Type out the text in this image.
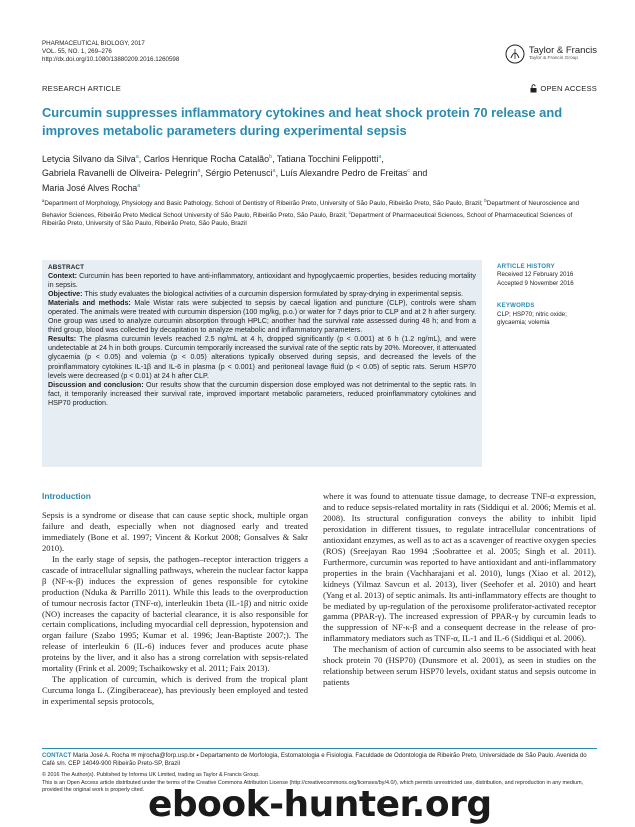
PHARMACEUTICAL BIOLOGY, 2017
VOL. 55, NO. 1, 269–276
http://dx.doi.org/10.1080/13880209.2016.1260598
Taylor & Francis
Taylor & Francis Group
RESEARCH ARTICLE	OPEN ACCESS
Curcumin suppresses inflammatory cytokines and heat shock protein 70 release and improves metabolic parameters during experimental sepsis
Letycia Silvano da Silva$^a$, Carlos Henrique Rocha Catalão$^b$, Tatiana Tocchini Felippotti$^a$,
Gabriela Ravanelli de Oliveira- Pelegrin$^a$, Sérgio Petenusci$^a$, Luís Alexandre Pedro de Freitas$^c$ and
Maria José Alves Rocha$^a$
$^a$Department of Morphology, Physiology and Basic Pathology, School of Dentistry of Ribeirão Preto, University of São Paulo, Ribeirão Preto, São Paulo, Brazil; $^b$Department of Neuroscience and Behavior Sciences, Ribeirão Preto Medical School University of São Paulo, Ribeirão Preto, São Paulo, Brazil; $^c$Department of Pharmaceutical Sciences, School of Pharmaceutical Sciences of Ribeirão Preto, University of São Paulo, Ribeirão Preto, São Paulo, Brazil
ABSTRACT

Context: Curcumin has been reported to have anti-inflammatory, antioxidant and hypoglycaemic properties, besides reducing mortality in sepsis.

Objective: This study evaluates the biological activities of a curcumin dispersion formulated by spray-drying in experimental sepsis.

Materials and methods: Male Wistar rats were subjected to sepsis by caecal ligation and puncture (CLP), controls were sham operated. The animals were treated with curcumin dispersion (100 mg/kg, p.o.) or water for 7 days prior to CLP and at 2 h after surgery. One group was used to analyze curcumin absorption through HPLC; another had the survival rate assessed during 48 h; and from a third group, blood was collected by decapitation to analyze metabolic and inflammatory parameters.

Results: The plasma curcumin levels reached 2.5 ng/mL at 4 h, dropped significantly (p < 0.001) at 6 h (1.2 ng/mL), and were undetectable at 24 h in both groups. Curcumin temporarily increased the survival rate of the septic rats by 20%. Moreover, it attenuated glycaemia (p < 0.05) and volemia (p < 0.05) alterations typically observed during sepsis, and decreased the levels of the proinflammatory cytokines IL-1β and IL-6 in plasma (p < 0.001) and peritoneal lavage fluid (p < 0.05) of septic rats. Serum HSP70 levels were decreased (p < 0.01) at 24 h after CLP.

Discussion and conclusion: Our results show that the curcumin dispersion dose employed was not detrimental to the septic rats. In fact, it temporarily increased their survival rate, improved important metabolic parameters, reduced proinflammatory cytokines and HSP70 production.

ARTICLE HISTORY
Received 12 February 2016
Accepted 9 November 2016
KEYWORDS
CLP; HSP70; nitric oxide; glycaemia; volemia
Introduction

Sepsis is a syndrome or disease that can cause septic shock, multiple organ failure and death, especially when not diagnosed early and treated immediately (Bone et al. 1997; Vincent & Korkut 2008; Gonsalves & Sakr 2010).

In the early stage of sepsis, the pathogen–receptor interaction triggers a cascade of intracellular signalling pathways, wherein the nuclear factor kappa β (NF-κ-β) induces the expression of genes responsible for cytokine production (Nduka & Parrillo 2011). While this leads to the overproduction of tumour necrosis factor (TNF-α), interleukin 1beta (IL-1β) and nitric oxide (NO) increases the capacity of bacterial clearance, it is also responsible for certain complications, including myocardial cell depression, hypotension and organ failure (Szabo 1995; Kumar et al. 1996; Jean-Baptiste 2007;). The release of interleukin 6 (IL-6) induces fever and produces acute phase proteins by the liver, and it also has a strong correlation with sepsis-related mortality (Frink et al. 2009; Tschaikowsky et al. 2011; Faix 2013).

The application of curcumin, which is derived from the tropical plant Curcuma longa L. (Zingiberaceae), has previously been employed and tested in experimental sepsis protocols,

where it was found to attenuate tissue damage, to decrease TNF-α expression, and to reduce sepsis-related mortality in rats (Siddiqui et al. 2006; Memis et al. 2008). Its structural configuration conveys the ability to inhibit lipid peroxidation in different tissues, to regulate intracellular concentrations of antioxidant enzymes, as well as to act as a scavenger of reactive oxygen species (ROS) (Sreejayan Rao 1994 ;Soobrattee et al. 2005; Singh et al. 2011). Furthermore, curcumin was reported to have antioxidant and anti-inflammatory properties in the brain (Vachharajani et al. 2010), lungs (Xiao et al. 2012), kidneys (Yilmaz Savcun et al. 2013), liver (Seehofer et al. 2010) and heart (Yang et al. 2013) of septic animals. Its anti-inflammatory effects are thought to be mediated by up-regulation of the peroxisome proliferator-activated receptor gamma (PPAR-γ). The increased expression of PPAR-γ by curcumin leads to the suppression of NF-κ-β and a consequent decrease in the release of pro-inflammatory mediators such as TNF-α, IL-1 and IL-6 (Siddiqui et al. 2006).

The mechanism of action of curcumin also seems to be associated with heat shock protein 70 (HSP70) (Dunsmore et al. 2001), as seen in studies on the relationship between serum HSP70 levels, oxidant status and sepsis outcome in patients

CONTACT Maria José A. Rocha ✉ mjrocha@forp.usp.br ▪ Departamento de Morfologia, Estomatologia e Fisiologia. Faculdade de Odontologia de Ribeirão Preto, Universidade de São Paulo. Avenida do Café s/n. CEP 14049-900 Ribeirão Preto-SP, Brazil
© 2016 The Author(s). Published by Informa UK Limited, trading as Taylor & Francis Group.
This is an Open Access article distributed under the terms of the Creative Commons Attribution License (http://creativecommons.org/licenses/by/4.0/), which permits unrestricted use, distribution, and reproduction in any medium, provided the original work is properly cited. ebook-hunter.org
